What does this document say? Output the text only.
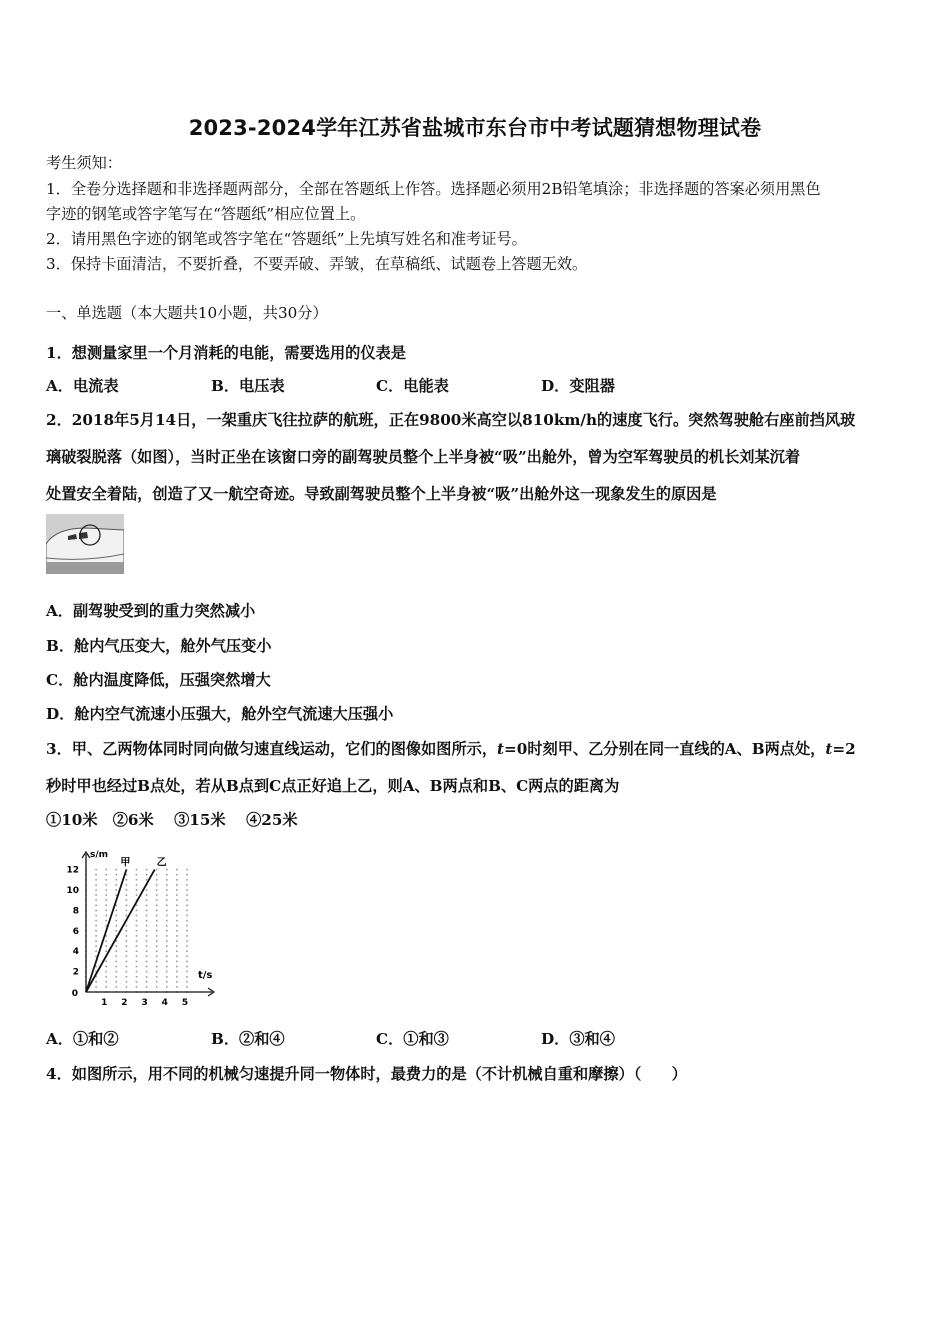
2023-2024学年江苏省盐城市东台市中考试题猜想物理试卷
考生须知：
1．全卷分选择题和非选择题两部分，全部在答题纸上作答。选择题必须用2B铅笔填涂；非选择题的答案必须用黑色
字迹的钢笔或答字笔写在“答题纸”相应位置上。
2．请用黑色字迹的钢笔或答字笔在“答题纸”上先填写姓名和准考证号。
3．保持卡面清洁，不要折叠，不要弄破、弄皱，在草稿纸、试题卷上答题无效。
一、单选题（本大题共10小题，共30分）
1．想测量家里一个月消耗的电能，需要选用的仪表是
A．电流表	B．电压表	C．电能表	D．变阻器
2．2018年5月14日，一架重庆飞往拉萨的航班，正在9800米高空以810km/h的速度飞行。突然驾驶舱右座前挡风玻
璃破裂脱落（如图），当时正坐在该窗口旁的副驾驶员整个上半身被“吸”出舱外，曾为空军驾驶员的机长刘某沉着
处置安全着陆，创造了又一航空奇迹。导致副驾驶员整个上半身被“吸”出舱外这一现象发生的原因是
A．副驾驶受到的重力突然减小
B．舱内气压变大，舱外气压变小
C．舱内温度降低，压强突然增大
D．舱内空气流速小压强大，舱外空气流速大压强小
3．甲、乙两物体同时同向做匀速直线运动，它们的图像如图所示，t=0时刻甲、乙分别在同一直线的A、B两点处，t=2
秒时甲也经过B点处，若从B点到C点正好追上乙，则A、B两点和B、C两点的距离为
①10米　②6米　 ③15米　 ④25米
甲	乙
2
4
6
8
10
12
0
1 2 3 4 5
s/m
t/s
A．①和②	B．②和④	C．①和③	D．③和④
4．如图所示，用不同的机械匀速提升同一物体时，最费力的是（不计机械自重和摩擦）（　　）
